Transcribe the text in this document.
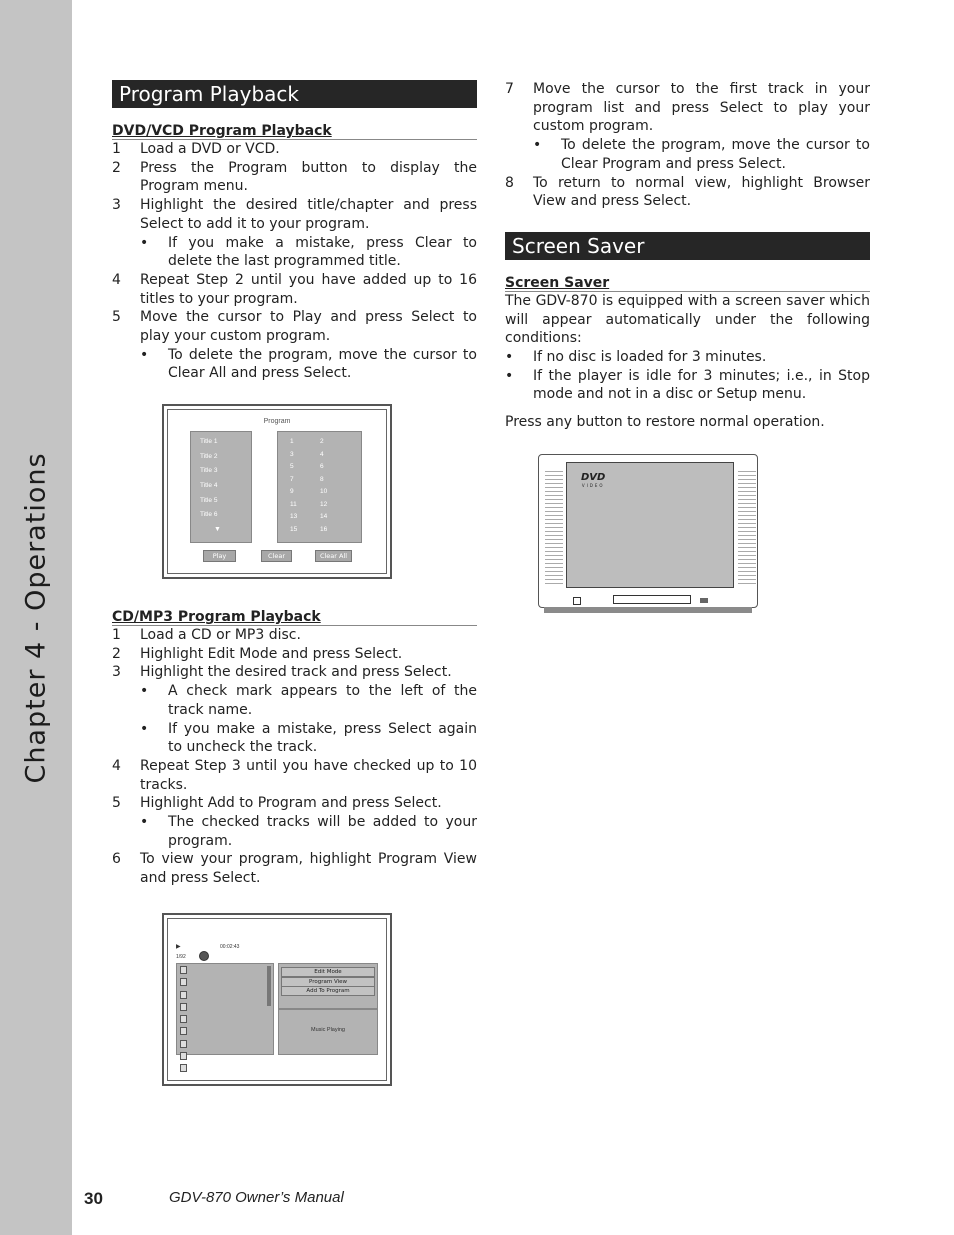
Chapter 4 - Operations
Program Playback
DVD/VCD Program Playback
1	Load a DVD or VCD.
2	Press the Program button to display the Program menu.
3	Highlight the desired title/chapter and press Select to add it to your program.
•	If you make a mistake, press Clear to delete the last programmed title.
4	Repeat Step 2 until you have added up to 16 titles to your program.
5	Move the cursor to Play and press Select to play your custom program.
•	To delete the program, move the cursor to Clear All and press Select.
Program
Title 1
Title 2
Title 3
Title 4
Title 5
Title 6
▼
1	2
3	4
5	6
7	8
9	10
11	12
13	14
15	16
Play	Clear	Clear All
CD/MP3 Program Playback
1	Load a CD or MP3 disc.
2	Highlight Edit Mode and press Select.
3	Highlight the desired track and press Select.
•	A check mark appears to the left of the track name.
•	If you make a mistake, press Select again to uncheck the track.
4	Repeat Step 3 until you have checked up to 10 tracks.
5	Highlight Add to Program and press Select.
•	The checked tracks will be added to your program.
6	To view your program, highlight Program View and press Select.
▶	00:02:43
1/92
Edit Mode
Program View
Add To Program
Music Playing
7	Move the cursor to the first track in your program list and press Select to play your custom program.
•	To delete the program, move the cursor to Clear Program and press Select.
8	To return to normal view, highlight Browser View and press Select.
Screen Saver
Screen Saver

The GDV-870 is equipped with a screen saver which will appear automatically under the following conditions:

•	If no disc is loaded for 3 minutes.
•	If the player is idle for 3 minutes; i.e., in Stop mode and not in a disc or Setup menu.

Press any button to restore normal operation.

DVD
VIDEO
30	GDV-870 Owner’s Manual
